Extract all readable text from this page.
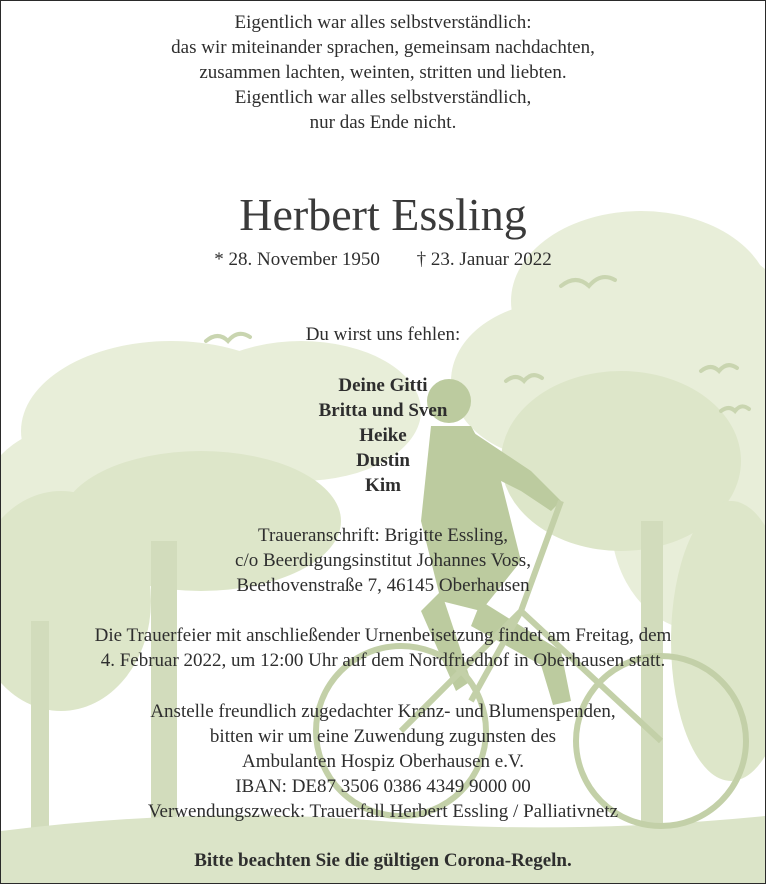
Eigentlich war alles selbstverständlich:
das wir miteinander sprachen, gemeinsam nachdachten,
zusammen lachten, weinten, stritten und liebten.
Eigentlich war alles selbstverständlich,
nur das Ende nicht.
Herbert Essling
* 28. November 1950 † 23. Januar 2022
Du wirst uns fehlen:
Deine Gitti
Britta und Sven
Heike
Dustin
Kim
Traueranschrift: Brigitte Essling,
c/o Beerdigungsinstitut Johannes Voss,
Beethovenstraße 7, 46145 Oberhausen
Die Trauerfeier mit anschließender Urnenbeisetzung findet am Freitag, dem
4. Februar 2022, um 12:00 Uhr auf dem Nordfriedhof in Oberhausen statt.
Anstelle freundlich zugedachter Kranz- und Blumenspenden,
bitten wir um eine Zuwendung zugunsten des
Ambulanten Hospiz Oberhausen e.V.
IBAN: DE87 3506 0386 4349 9000 00
Verwendungszweck: Trauerfall Herbert Essling / Palliativnetz
Bitte beachten Sie die gültigen Corona-Regeln.
